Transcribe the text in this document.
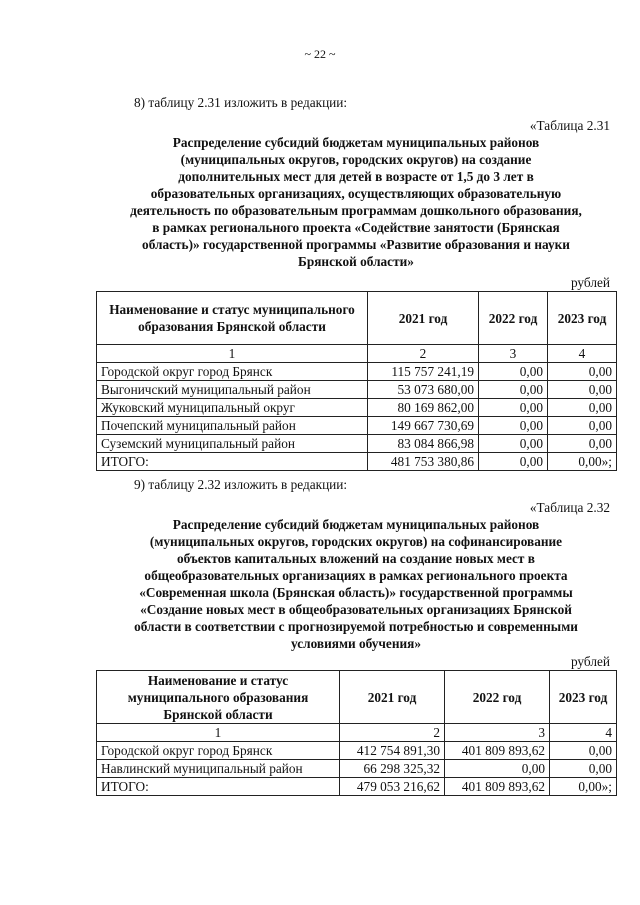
~ 22 ~
8) таблицу 2.31 изложить в редакции:
«Таблица 2.31
Распределение субсидий бюджетам муниципальных районов
(муниципальных округов, городских округов) на создание
дополнительных мест для детей в возрасте от 1,5 до 3 лет в
образовательных организациях, осуществляющих образовательную
деятельность по образовательным программам дошкольного образования,
в рамках регионального проекта «Содействие занятости (Брянская
область)» государственной программы «Развитие образования и науки
Брянской области»
рублей
Наименование и статус муниципального образования Брянской области	2021 год	2022 год	2023 год
1	2	3	4
Городской округ город Брянск	115 757 241,19	0,00	0,00
Выгоничский муниципальный район	53 073 680,00	0,00	0,00
Жуковский муниципальный округ	80 169 862,00	0,00	0,00
Почепский муниципальный район	149 667 730,69	0,00	0,00
Суземский муниципальный район	83 084 866,98	0,00	0,00
ИТОГО:	481 753 380,86	0,00	0,00»;
9) таблицу 2.32 изложить в редакции:
«Таблица 2.32
Распределение субсидий бюджетам муниципальных районов
(муниципальных округов, городских округов) на софинансирование
объектов капитальных вложений на создание новых мест в
общеобразовательных организациях в рамках регионального проекта
«Современная школа (Брянская область)» государственной программы
«Создание новых мест в общеобразовательных организациях Брянской
области в соответствии с прогнозируемой потребностью и современными
условиями обучения»
рублей
Наименование и статус муниципального образования Брянской области	2021 год	2022 год	2023 год
1	2	3	4
Городской округ город Брянск	412 754 891,30	401 809 893,62	0,00
Навлинский муниципальный район	66 298 325,32	0,00	0,00
ИТОГО:	479 053 216,62	401 809 893,62	0,00»;
